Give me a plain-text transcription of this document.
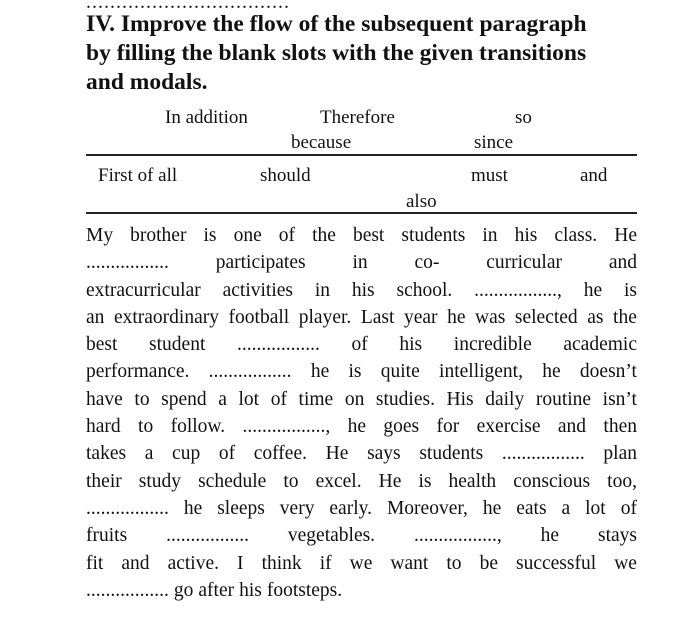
..................................
IV. Improve the flow of the subsequent paragraph
by filling the blank slots with the given transitions
and modals.
In addition	Therefore	so
because	since
First of all	should	must	and
also
My brother is one of the best students in his class. He
................. participates in co- curricular and
extracurricular activities in his school. ................., he is
an extraordinary football player. Last year he was selected as the
best student ................. of his incredible academic
performance. ................. he is quite intelligent, he doesn’t
have to spend a lot of time on studies. His daily routine isn’t
hard to follow. ................., he goes for exercise and then
takes a cup of coffee. He says students ................. plan
their study schedule to excel. He is health conscious too,
................. he sleeps very early. Moreover, he eats a lot of
fruits ................. vegetables. ................., he stays
fit and active. I think if we want to be successful we
................. go after his footsteps.
